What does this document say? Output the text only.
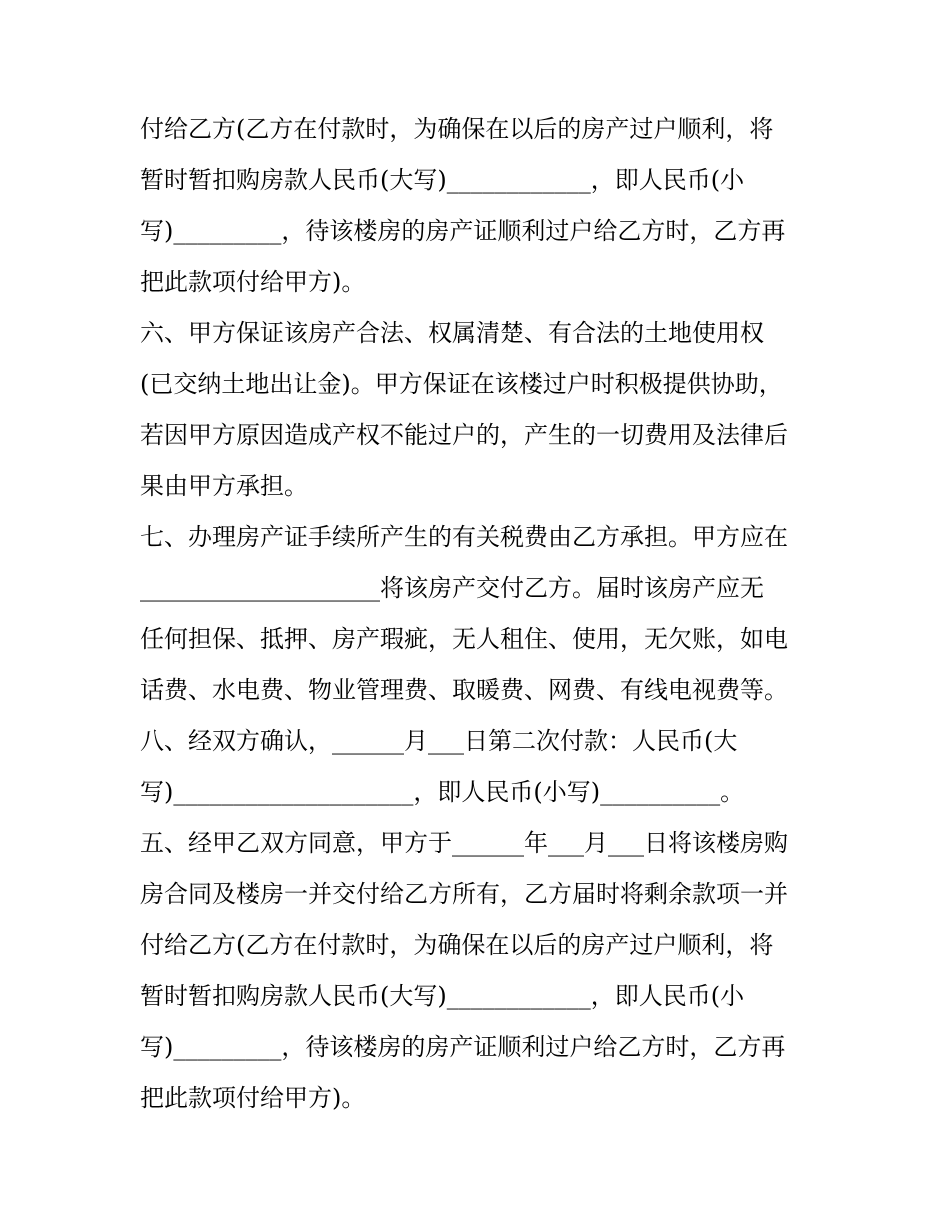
付给乙方(乙方在付款时，为确保在以后的房产过户顺利，将
暂时暂扣购房款人民币(大写)____________，即人民币(小
写)_________，待该楼房的房产证顺利过户给乙方时，乙方再
把此款项付给甲方)。
六、甲方保证该房产合法、权属清楚、有合法的土地使用权
(已交纳土地出让金)。甲方保证在该楼过户时积极提供协助，
若因甲方原因造成产权不能过户的，产生的一切费用及法律后
果由甲方承担。
七、办理房产证手续所产生的有关税费由乙方承担。甲方应在
____________________将该房产交付乙方。届时该房产应无
任何担保、抵押、房产瑕疵，无人租住、使用，无欠账，如电
话费、水电费、物业管理费、取暖费、网费、有线电视费等。
八、经双方确认，______月___日第二次付款：人民币(大
写)____________________，即人民币(小写)__________。
五、经甲乙双方同意，甲方于______年___月___日将该楼房购
房合同及楼房一并交付给乙方所有，乙方届时将剩余款项一并
付给乙方(乙方在付款时，为确保在以后的房产过户顺利，将
暂时暂扣购房款人民币(大写)____________，即人民币(小
写)_________，待该楼房的房产证顺利过户给乙方时，乙方再
把此款项付给甲方)。
